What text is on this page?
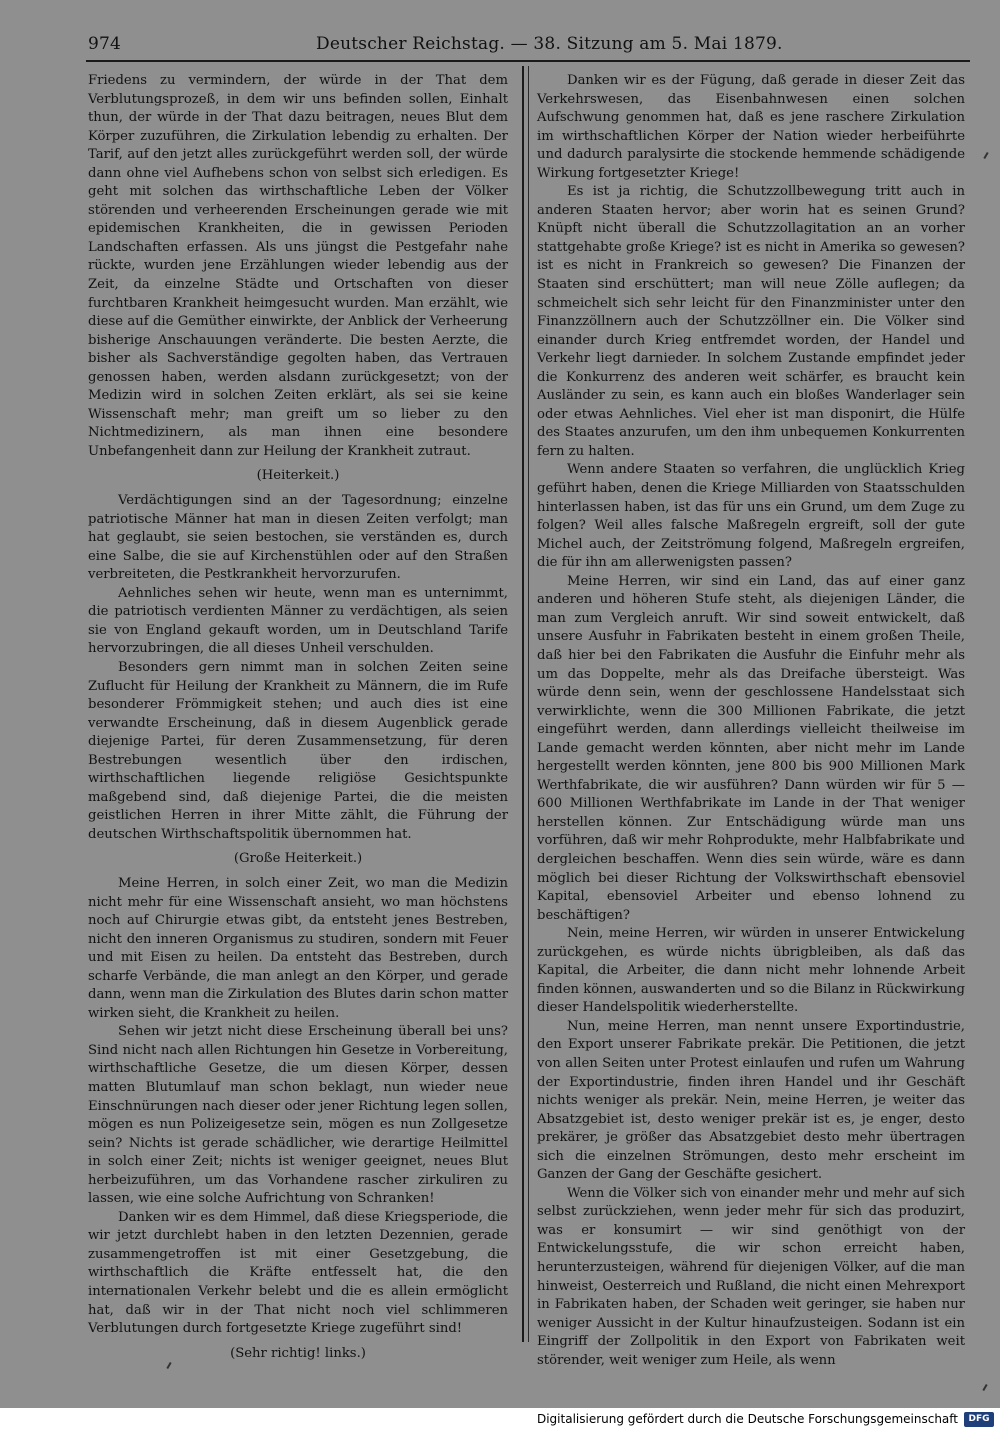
974	Deutscher Reichstag. — 38. Sitzung am 5. Mai 1879.

Friedens zu vermindern, der würde in der That dem Verblutungsprozeß, in dem wir uns befinden sollen, Einhalt thun, der würde in der That dazu beitragen, neues Blut dem Körper zuzuführen, die Zirkulation lebendig zu erhalten. Der Tarif, auf den jetzt alles zurückgeführt werden soll, der würde dann ohne viel Aufhebens schon von selbst sich erledigen. Es geht mit solchen das wirthschaftliche Leben der Völker störenden und verheerenden Erscheinungen gerade wie mit epidemischen Krankheiten, die in gewissen Perioden Landschaften erfassen. Als uns jüngst die Pestgefahr nahe rückte, wurden jene Erzählungen wieder lebendig aus der Zeit, da einzelne Städte und Ortschaften von dieser furchtbaren Krankheit heimgesucht wurden. Man erzählt, wie diese auf die Gemüther einwirkte, der Anblick der Verheerung bisherige Anschauungen veränderte. Die besten Aerzte, die bisher als Sachverständige gegolten haben, das Vertrauen genossen haben, werden alsdann zurückgesetzt; von der Medizin wird in solchen Zeiten erklärt, als sei sie keine Wissenschaft mehr; man greift um so lieber zu den Nichtmedizinern, als man ihnen eine besondere Unbefangenheit dann zur Heilung der Krankheit zutraut.

(Heiterkeit.)

Verdächtigungen sind an der Tagesordnung; einzelne patriotische Männer hat man in diesen Zeiten verfolgt; man hat geglaubt, sie seien bestochen, sie verständen es, durch eine Salbe, die sie auf Kirchenstühlen oder auf den Straßen verbreiteten, die Pestkrankheit hervorzurufen.

Aehnliches sehen wir heute, wenn man es unternimmt, die patriotisch verdienten Männer zu verdächtigen, als seien sie von England gekauft worden, um in Deutschland Tarife hervorzubringen, die all dieses Unheil verschulden.

Besonders gern nimmt man in solchen Zeiten seine Zuflucht für Heilung der Krankheit zu Männern, die im Rufe besonderer Frömmigkeit stehen; und auch dies ist eine verwandte Erscheinung, daß in diesem Augenblick gerade diejenige Partei, für deren Zusammensetzung, für deren Bestrebungen wesentlich über den irdischen, wirthschaftlichen liegende religiöse Gesichtspunkte maßgebend sind, daß diejenige Partei, die die meisten geistlichen Herren in ihrer Mitte zählt, die Führung der deutschen Wirthschaftspolitik übernommen hat.

(Große Heiterkeit.)

Meine Herren, in solch einer Zeit, wo man die Medizin nicht mehr für eine Wissenschaft ansieht, wo man höchstens noch auf Chirurgie etwas gibt, da entsteht jenes Bestreben, nicht den inneren Organismus zu studiren, sondern mit Feuer und mit Eisen zu heilen. Da entsteht das Bestreben, durch scharfe Verbände, die man anlegt an den Körper, und gerade dann, wenn man die Zirkulation des Blutes darin schon matter wirken sieht, die Krankheit zu heilen.

Sehen wir jetzt nicht diese Erscheinung überall bei uns? Sind nicht nach allen Richtungen hin Gesetze in Vorbereitung, wirthschaftliche Gesetze, die um diesen Körper, dessen matten Blutumlauf man schon beklagt, nun wieder neue Einschnürungen nach dieser oder jener Richtung legen sollen, mögen es nun Polizeigesetze sein, mögen es nun Zollgesetze sein? Nichts ist gerade schädlicher, wie derartige Heilmittel in solch einer Zeit; nichts ist weniger geeignet, neues Blut herbeizuführen, um das Vorhandene rascher zirkuliren zu lassen, wie eine solche Aufrichtung von Schranken!

Danken wir es dem Himmel, daß diese Kriegsperiode, die wir jetzt durchlebt haben in den letzten Dezennien, gerade zusammengetroffen ist mit einer Gesetzgebung, die wirthschaftlich die Kräfte entfesselt hat, die den internationalen Verkehr belebt und die es allein ermöglicht hat, daß wir in der That nicht noch viel schlimmeren Verblutungen durch fortgesetzte Kriege zugeführt sind!

(Sehr richtig! links.)

Danken wir es der Fügung, daß gerade in dieser Zeit das Verkehrswesen, das Eisenbahnwesen einen solchen Aufschwung genommen hat, daß es jene raschere Zirkulation im wirthschaftlichen Körper der Nation wieder herbeiführte und dadurch paralysirte die stockende hemmende schädigende Wirkung fortgesetzter Kriege!

Es ist ja richtig, die Schutzzollbewegung tritt auch in anderen Staaten hervor; aber worin hat es seinen Grund? Knüpft nicht überall die Schutzzollagitation an an vorher stattgehabte große Kriege? ist es nicht in Amerika so gewesen? ist es nicht in Frankreich so gewesen? Die Finanzen der Staaten sind erschüttert; man will neue Zölle auflegen; da schmeichelt sich sehr leicht für den Finanzminister unter den Finanzzöllnern auch der Schutzzöllner ein. Die Völker sind einander durch Krieg entfremdet worden, der Handel und Verkehr liegt darnieder. In solchem Zustande empfindet jeder die Konkurrenz des anderen weit schärfer, es braucht kein Ausländer zu sein, es kann auch ein bloßes Wanderlager sein oder etwas Aehnliches. Viel eher ist man disponirt, die Hülfe des Staates anzurufen, um den ihm unbequemen Konkurrenten fern zu halten.

Wenn andere Staaten so verfahren, die unglücklich Krieg geführt haben, denen die Kriege Milliarden von Staatsschulden hinterlassen haben, ist das für uns ein Grund, um dem Zuge zu folgen? Weil alles falsche Maßregeln ergreift, soll der gute Michel auch, der Zeitströmung folgend, Maßregeln ergreifen, die für ihn am allerwenigsten passen?

Meine Herren, wir sind ein Land, das auf einer ganz anderen und höheren Stufe steht, als diejenigen Länder, die man zum Vergleich anruft. Wir sind soweit entwickelt, daß unsere Ausfuhr in Fabrikaten besteht in einem großen Theile, daß hier bei den Fabrikaten die Ausfuhr die Einfuhr mehr als um das Doppelte, mehr als das Dreifache übersteigt. Was würde denn sein, wenn der geschlossene Handelsstaat sich verwirklichte, wenn die 300 Millionen Fabrikate, die jetzt eingeführt werden, dann allerdings vielleicht theilweise im Lande gemacht werden könnten, aber nicht mehr im Lande hergestellt werden könnten, jene 800 bis 900 Millionen Mark Werthfabrikate, die wir ausführen? Dann würden wir für 5 — 600 Millionen Werthfabrikate im Lande in der That weniger herstellen können. Zur Entschädigung würde man uns vorführen, daß wir mehr Rohprodukte, mehr Halbfabrikate und dergleichen beschaffen. Wenn dies sein würde, wäre es dann möglich bei dieser Richtung der Volkswirthschaft ebensoviel Kapital, ebensoviel Arbeiter und ebenso lohnend zu beschäftigen?

Nein, meine Herren, wir würden in unserer Entwickelung zurückgehen, es würde nichts übrigbleiben, als daß das Kapital, die Arbeiter, die dann nicht mehr lohnende Arbeit finden können, auswanderten und so die Bilanz in Rückwirkung dieser Handelspolitik wiederherstellte.

Nun, meine Herren, man nennt unsere Exportindustrie, den Export unserer Fabrikate prekär. Die Petitionen, die jetzt von allen Seiten unter Protest einlaufen und rufen um Wahrung der Exportindustrie, finden ihren Handel und ihr Geschäft nichts weniger als prekär. Nein, meine Herren, je weiter das Absatzgebiet ist, desto weniger prekär ist es, je enger, desto prekärer, je größer das Absatzgebiet desto mehr übertragen sich die einzelnen Strömungen, desto mehr erscheint im Ganzen der Gang der Geschäfte gesichert.

Wenn die Völker sich von einander mehr und mehr auf sich selbst zurückziehen, wenn jeder mehr für sich das produzirt, was er konsumirt — wir sind genöthigt von der Entwickelungsstufe, die wir schon erreicht haben, herunterzusteigen, während für diejenigen Völker, auf die man hinweist, Oesterreich und Rußland, die nicht einen Mehrexport in Fabrikaten haben, der Schaden weit geringer, sie haben nur weniger Aussicht in der Kultur hinaufzusteigen. Sodann ist ein Eingriff der Zollpolitik in den Export von Fabrikaten weit störender, weit weniger zum Heile, als wenn

Digitalisierung gefördert durch die Deutsche Forschungsgemeinschaft	DFG
